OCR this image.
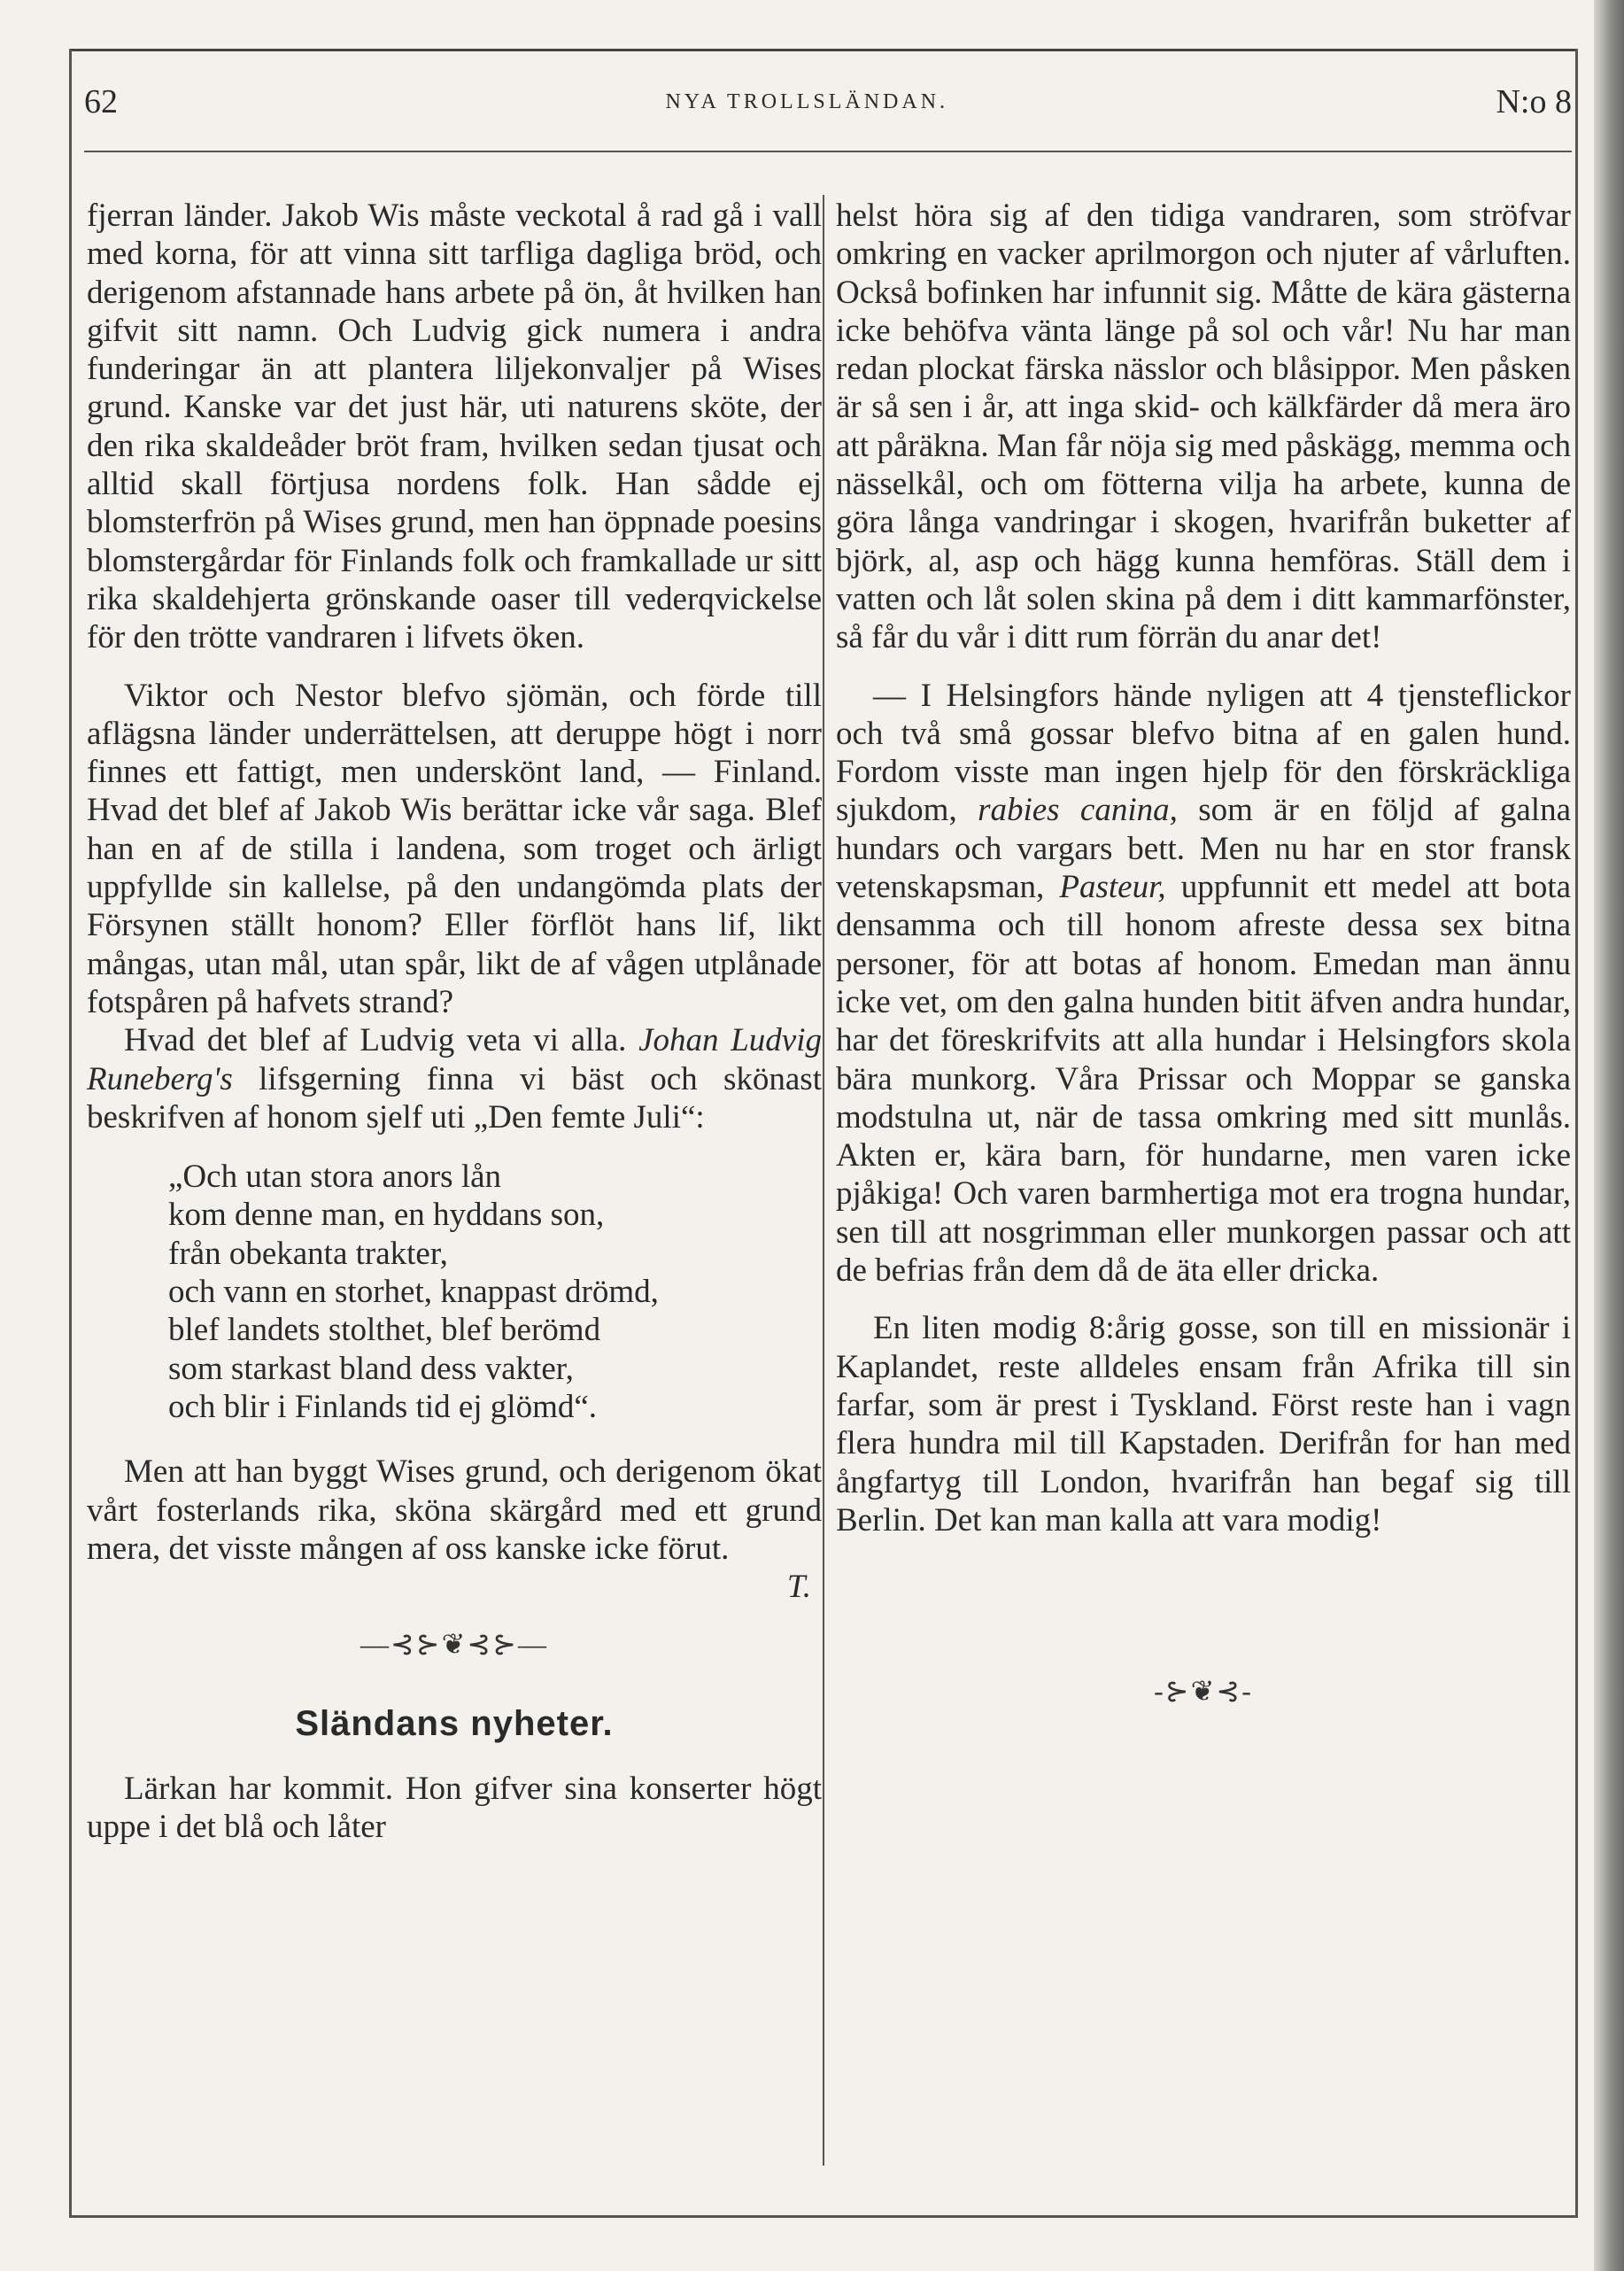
62	NYA TROLLSLÄNDAN.	N:o 8

fjerran länder. Jakob Wis måste veckotal å rad gå i vall med korna, för att vinna sitt tarfliga dagliga bröd, och derigenom afstannade hans arbete på ön, åt hvilken han gifvit sitt namn. Och Ludvig gick numera i andra funderingar än att plantera liljekonvaljer på Wises grund. Kanske var det just här, uti naturens sköte, der den rika skaldeåder bröt fram, hvilken sedan tjusat och alltid skall förtjusa nordens folk. Han sådde ej blomsterfrön på Wises grund, men han öppnade poesins blomstergårdar för Finlands folk och framkallade ur sitt rika skaldehjerta grönskande oaser till vederqvickelse för den trötte vandraren i lifvets öken.

Viktor och Nestor blefvo sjömän, och förde till aflägsna länder underrättelsen, att deruppe högt i norr finnes ett fattigt, men underskönt land, — Finland. Hvad det blef af Jakob Wis berättar icke vår saga. Blef han en af de stilla i landena, som troget och ärligt uppfyllde sin kallelse, på den undangömda plats der Försynen ställt honom? Eller förflöt hans lif, likt mångas, utan mål, utan spår, likt de af vågen utplånade fotspåren på hafvets strand?

Hvad det blef af Ludvig veta vi alla. Johan Ludvig Runeberg's lifsgerning finna vi bäst och skönast beskrifven af honom sjelf uti „Den femte Juli“:

„Och utan stora anors lån
kom denne man, en hyddans son,
från obekanta trakter,
och vann en storhet, knappast drömd,
blef landets stolthet, blef berömd
som starkast bland dess vakter,
och blir i Finlands tid ej glömd“.

Men att han byggt Wises grund, och derigenom ökat vårt fosterlands rika, sköna skärgård med ett grund mera, det visste mången af oss kanske icke förut.

T.
—⊰⊱❦⊰⊱—
Sländans nyheter.

Lärkan har kommit. Hon gifver sina konserter högt uppe i det blå och låter

helst höra sig af den tidiga vandraren, som ströfvar omkring en vacker aprilmorgon och njuter af vårluften. Också bofinken har infunnit sig. Måtte de kära gästerna icke behöfva vänta länge på sol och vår! Nu har man redan plockat färska nässlor och blåsippor. Men påsken är så sen i år, att inga skid- och kälkfärder då mera äro att påräkna. Man får nöja sig med påskägg, memma och nässelkål, och om fötterna vilja ha arbete, kunna de göra långa vandringar i skogen, hvarifrån buketter af björk, al, asp och hägg kunna hemföras. Ställ dem i vatten och låt solen skina på dem i ditt kammarfönster, så får du vår i ditt rum förrän du anar det!

— I Helsingfors hände nyligen att 4 tjensteflickor och två små gossar blefvo bitna af en galen hund. Fordom visste man ingen hjelp för den förskräckliga sjukdom, rabies canina, som är en följd af galna hundars och vargars bett. Men nu har en stor fransk vetenskapsman, Pasteur, uppfunnit ett medel att bota densamma och till honom afreste dessa sex bitna personer, för att botas af honom. Emedan man ännu icke vet, om den galna hunden bitit äfven andra hundar, har det föreskrifvits att alla hundar i Helsingfors skola bära munkorg. Våra Prissar och Moppar se ganska modstulna ut, när de tassa omkring med sitt munlås. Akten er, kära barn, för hundarne, men varen icke pjåkiga! Och varen barmhertiga mot era trogna hundar, sen till att nosgrimman eller munkorgen passar och att de befrias från dem då de äta eller dricka.

En liten modig 8:årig gosse, son till en missionär i Kaplandet, reste alldeles ensam från Afrika till sin farfar, som är prest i Tyskland. Först reste han i vagn flera hundra mil till Kapstaden. Derifrån for han med ångfartyg till London, hvarifrån han begaf sig till Berlin. Det kan man kalla att vara modig!

-⊱❦⊰-
